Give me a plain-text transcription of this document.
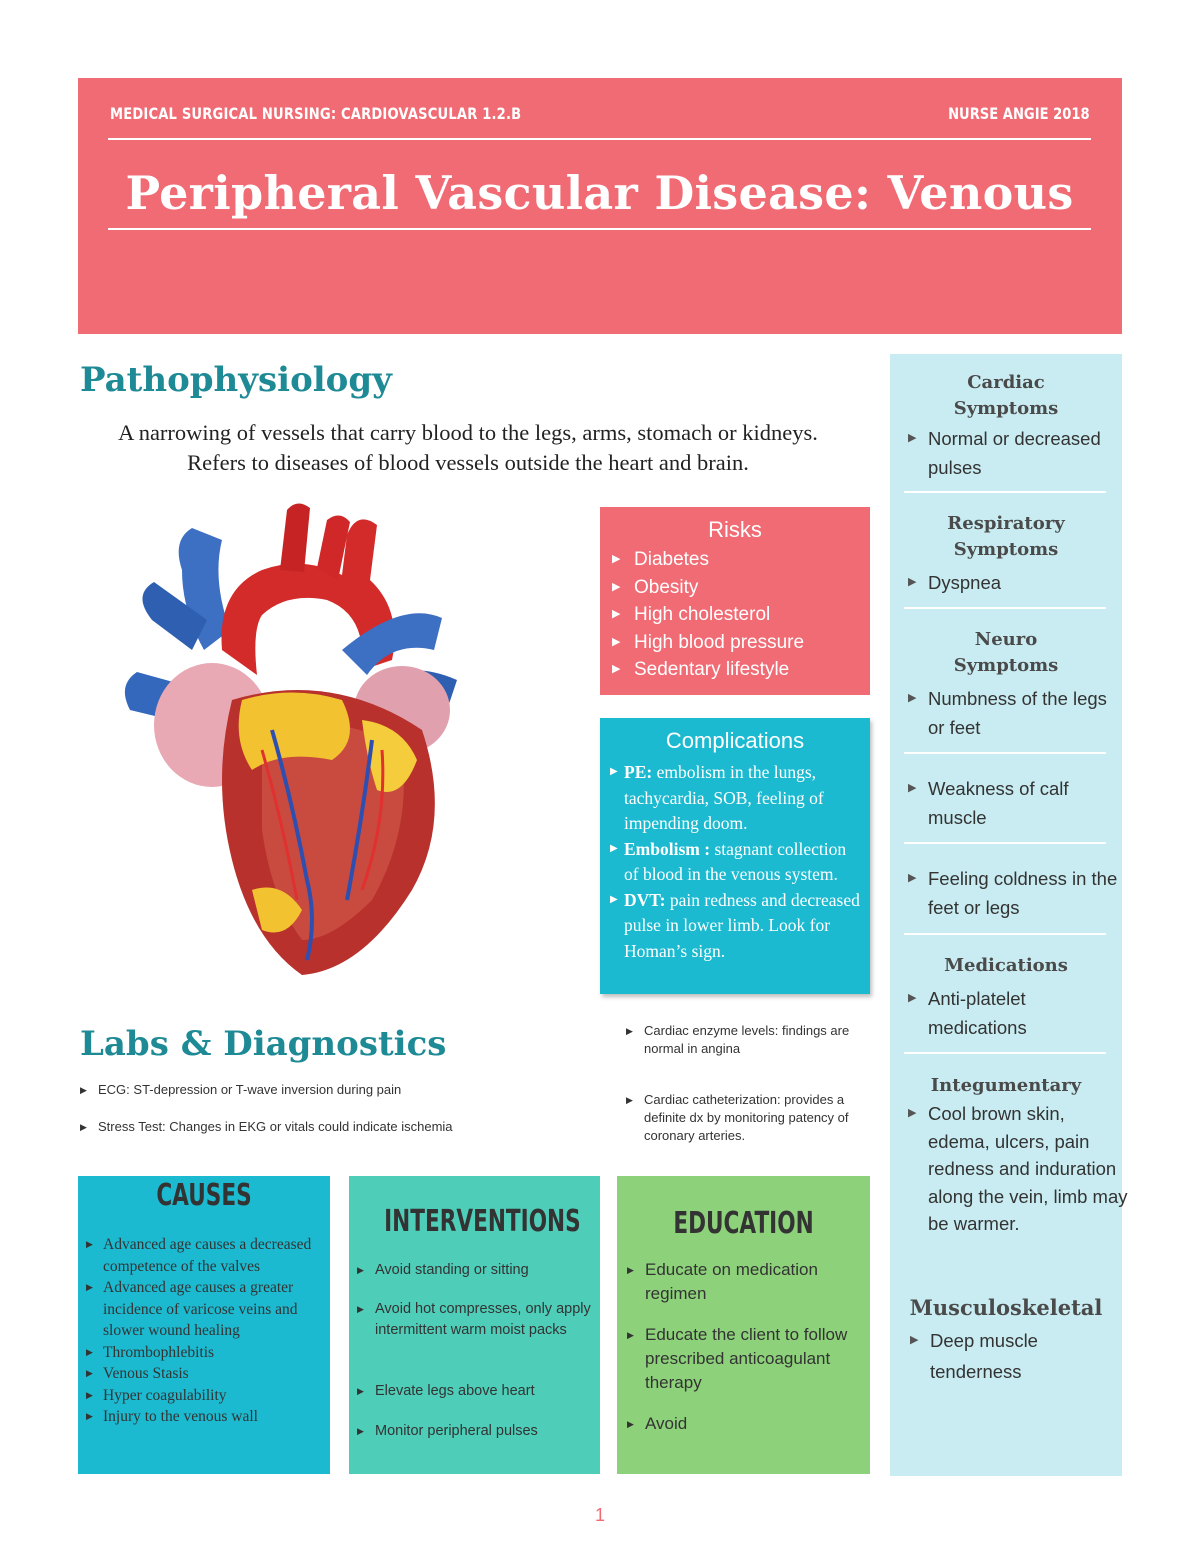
MEDICAL SURGICAL NURSING: CARDIOVASCULAR 1.2.B	NURSE ANGIE 2018
Peripheral Vascular Disease: Venous
Pathophysiology
A narrowing of vessels that carry blood to the legs, arms, stomach or kidneys. Refers to diseases of blood vessels outside the heart and brain.
Risks
▶ Diabetes
▶ Obesity
▶ High cholesterol
▶ High blood pressure
▶ Sedentary lifestyle
Complications
▶ PE: embolism in the lungs, tachycardia, SOB, feeling of impending doom.
▶ Embolism : stagnant collection of blood in the venous system.
▶ DVT: pain redness and decreased pulse in lower limb. Look for Homan’s sign.
Labs & Diagnostics
▶ ECG: ST-depression or T-wave inversion during pain
▶ Stress Test: Changes in EKG or vitals could indicate ischemia
▶ Cardiac enzyme levels: findings are normal in angina
▶ Cardiac catheterization: provides a definite dx by monitoring patency of coronary arteries.
CAUSES
▶ Advanced age causes a decreased competence of the valves
▶ Advanced age causes a greater incidence of varicose veins and slower wound healing
▶ Thrombophlebitis
▶ Venous Stasis
▶ Hyper coagulability
▶ Injury to the venous wall
INTERVENTIONS
▶ Avoid standing or sitting
▶ Avoid hot compresses, only apply intermittent warm moist packs
▶ Elevate legs above heart
▶ Monitor peripheral pulses
EDUCATION
▶ Educate on medication regimen
▶ Educate the client to follow prescribed anticoagulant therapy
▶ Avoid
Cardiac Symptoms
▶ Normal or decreased pulses
Respiratory Symptoms
▶ Dyspnea
Neuro Symptoms
▶ Numbness of the legs or feet
▶ Weakness of calf muscle
▶ Feeling coldness in the feet or legs
Medications
▶ Anti-platelet medications
Integumentary
▶ Cool brown skin, edema, ulcers, pain redness and induration along the vein, limb may be warmer.
Musculoskeletal
▶ Deep muscle tenderness
1
